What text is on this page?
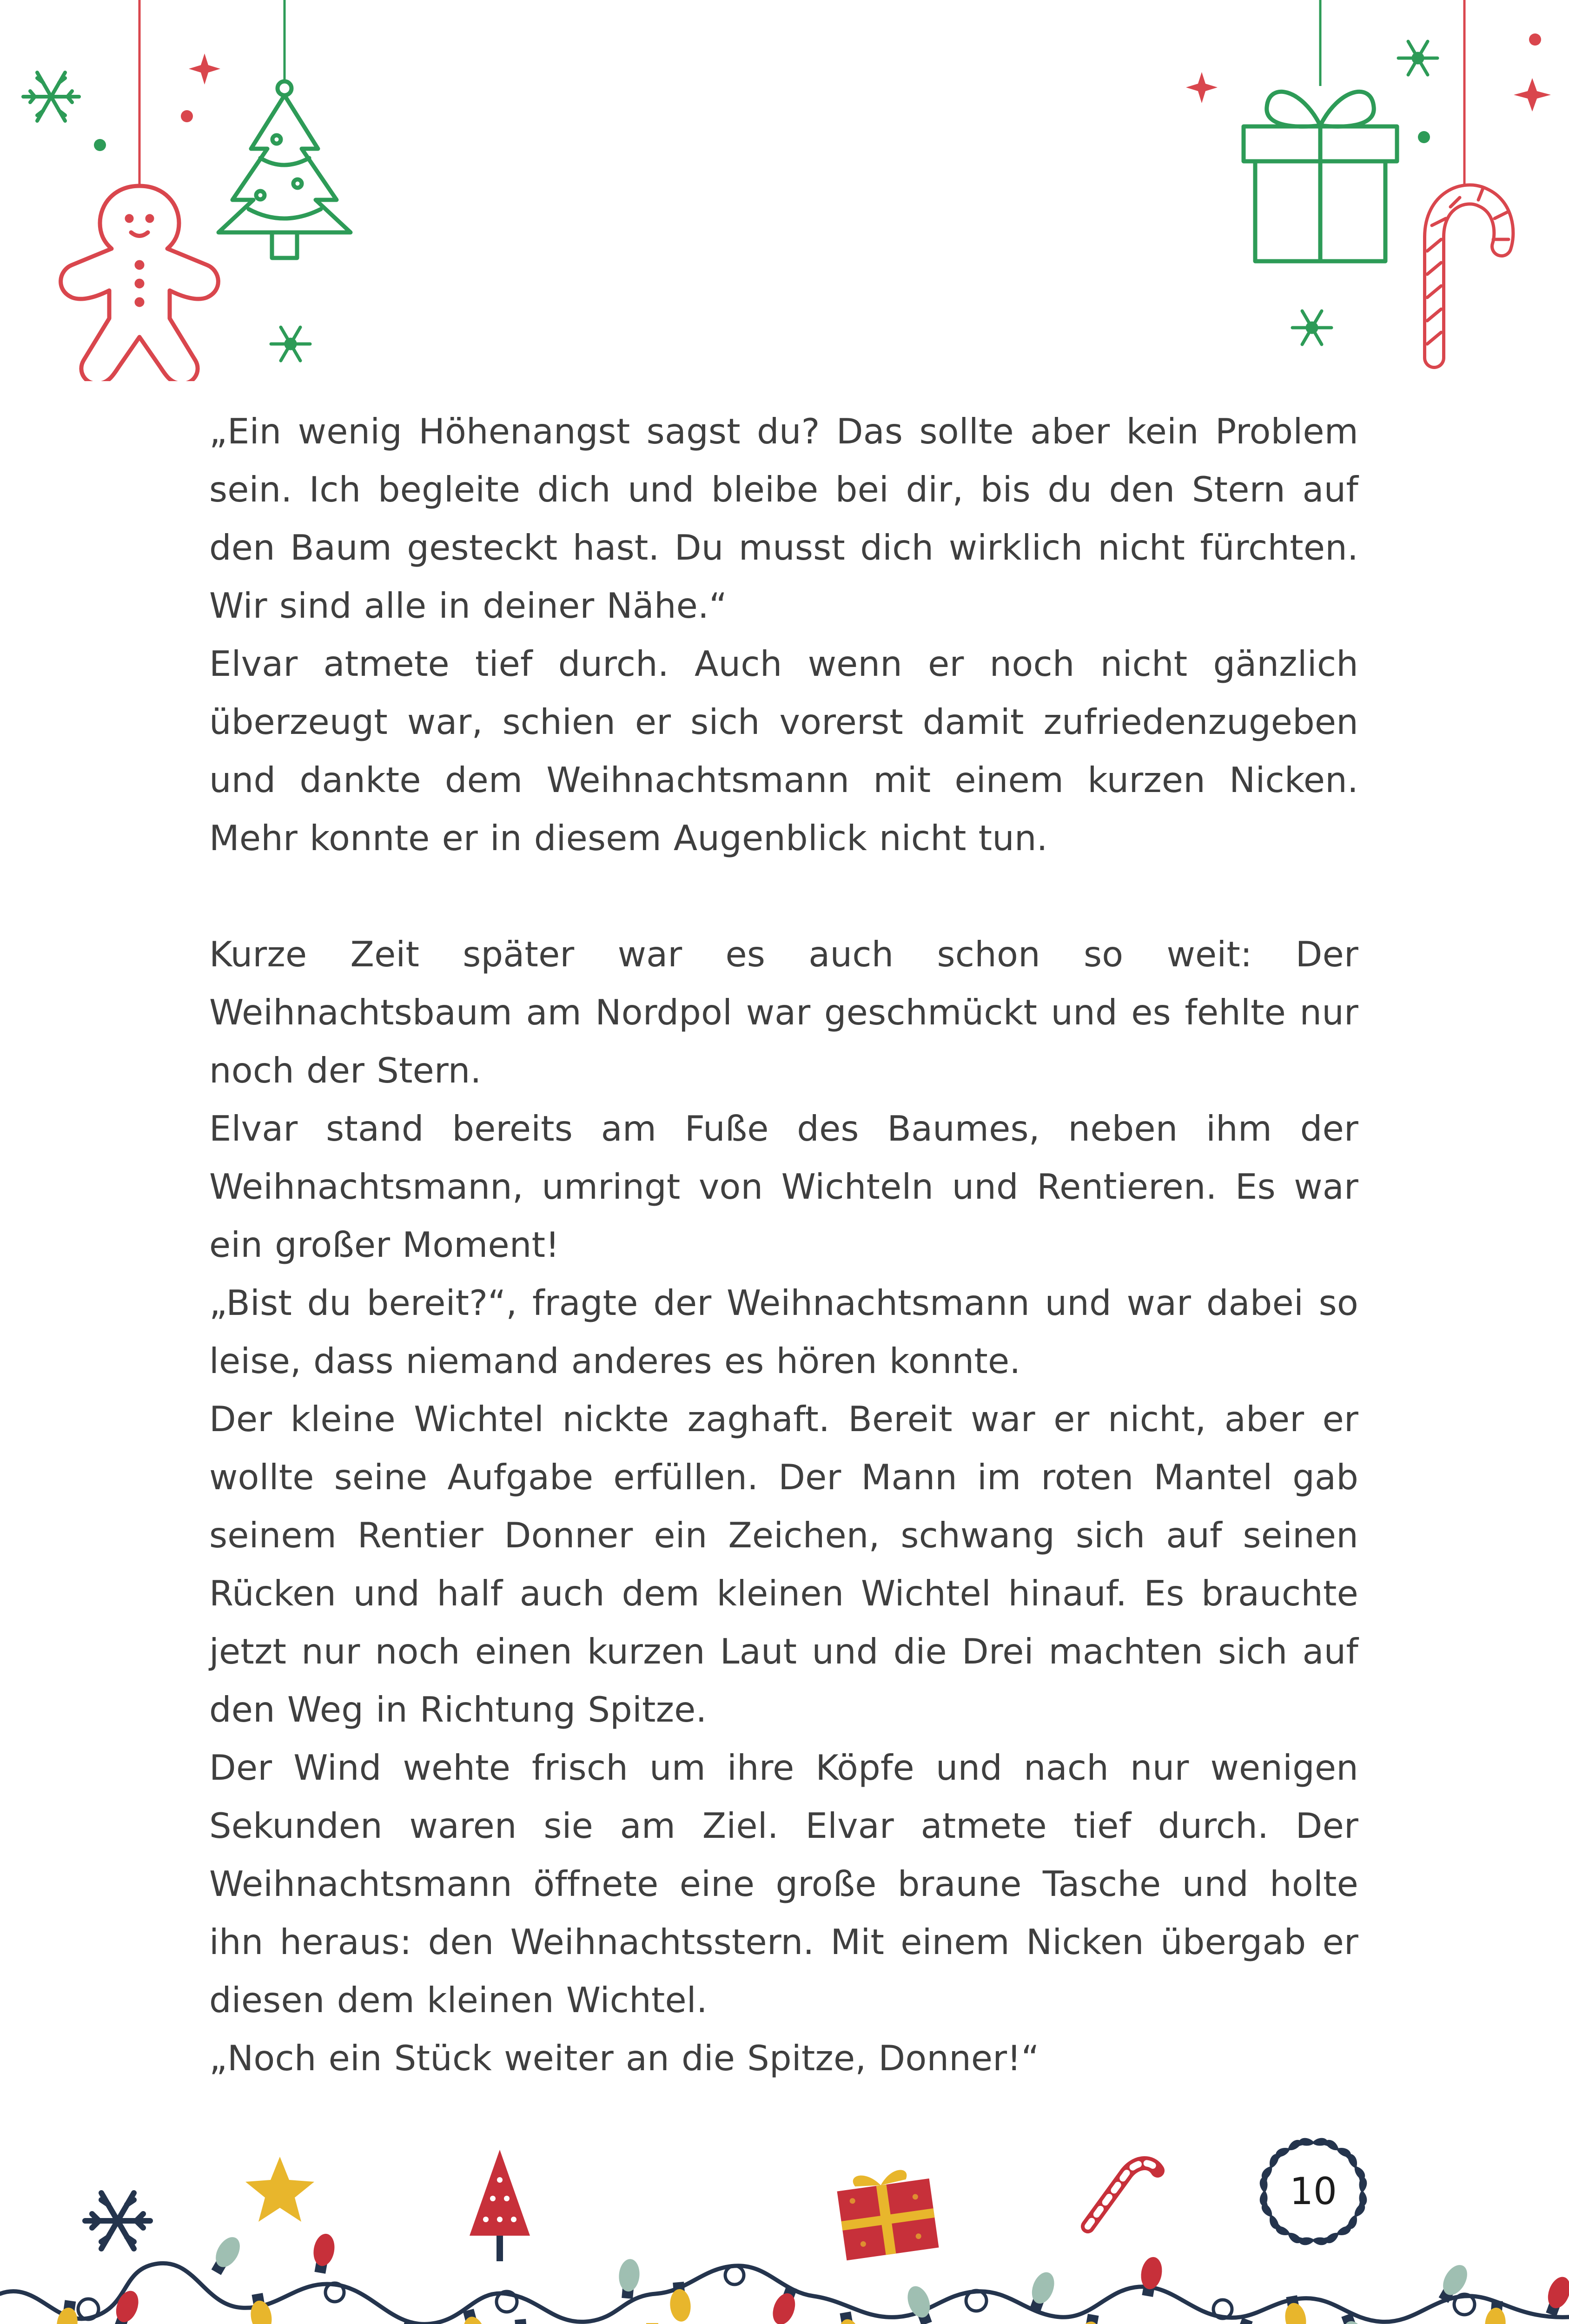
„Ein wenig Höhenangst sagst du? Das sollte aber kein Problem sein. Ich begleite dich und bleibe bei dir, bis du den Stern auf den Baum gesteckt hast. Du musst dich wirklich nicht fürchten. Wir sind alle in deiner Nähe.“

Elvar atmete tief durch. Auch wenn er noch nicht gänzlich überzeugt war, schien er sich vorerst damit zufriedenzugeben und dankte dem Weihnachtsmann mit einem kurzen Nicken. Mehr konnte er in diesem Augenblick nicht tun.

Kurze Zeit später war es auch schon so weit: Der Weihnachtsbaum am Nordpol war geschmückt und es fehlte nur noch der Stern.

Elvar stand bereits am Fuße des Baumes, neben ihm der Weihnachtsmann, umringt von Wichteln und Rentieren. Es war ein großer Moment!

„Bist du bereit?“, fragte der Weihnachtsmann und war dabei so leise, dass niemand anderes es hören konnte.

Der kleine Wichtel nickte zaghaft. Bereit war er nicht, aber er wollte seine Aufgabe erfüllen. Der Mann im roten Mantel gab seinem Rentier Donner ein Zeichen, schwang sich auf seinen Rücken und half auch dem kleinen Wichtel hinauf. Es brauchte jetzt nur noch einen kurzen Laut und die Drei machten sich auf den Weg in Richtung Spitze.

Der Wind wehte frisch um ihre Köpfe und nach nur wenigen Sekunden waren sie am Ziel. Elvar atmete tief durch. Der Weihnachtsmann öffnete eine große braune Tasche und holte ihn heraus: den Weihnachtsstern. Mit einem Nicken übergab er diesen dem kleinen Wichtel.

„Noch ein Stück weiter an die Spitze, Donner!“

10
